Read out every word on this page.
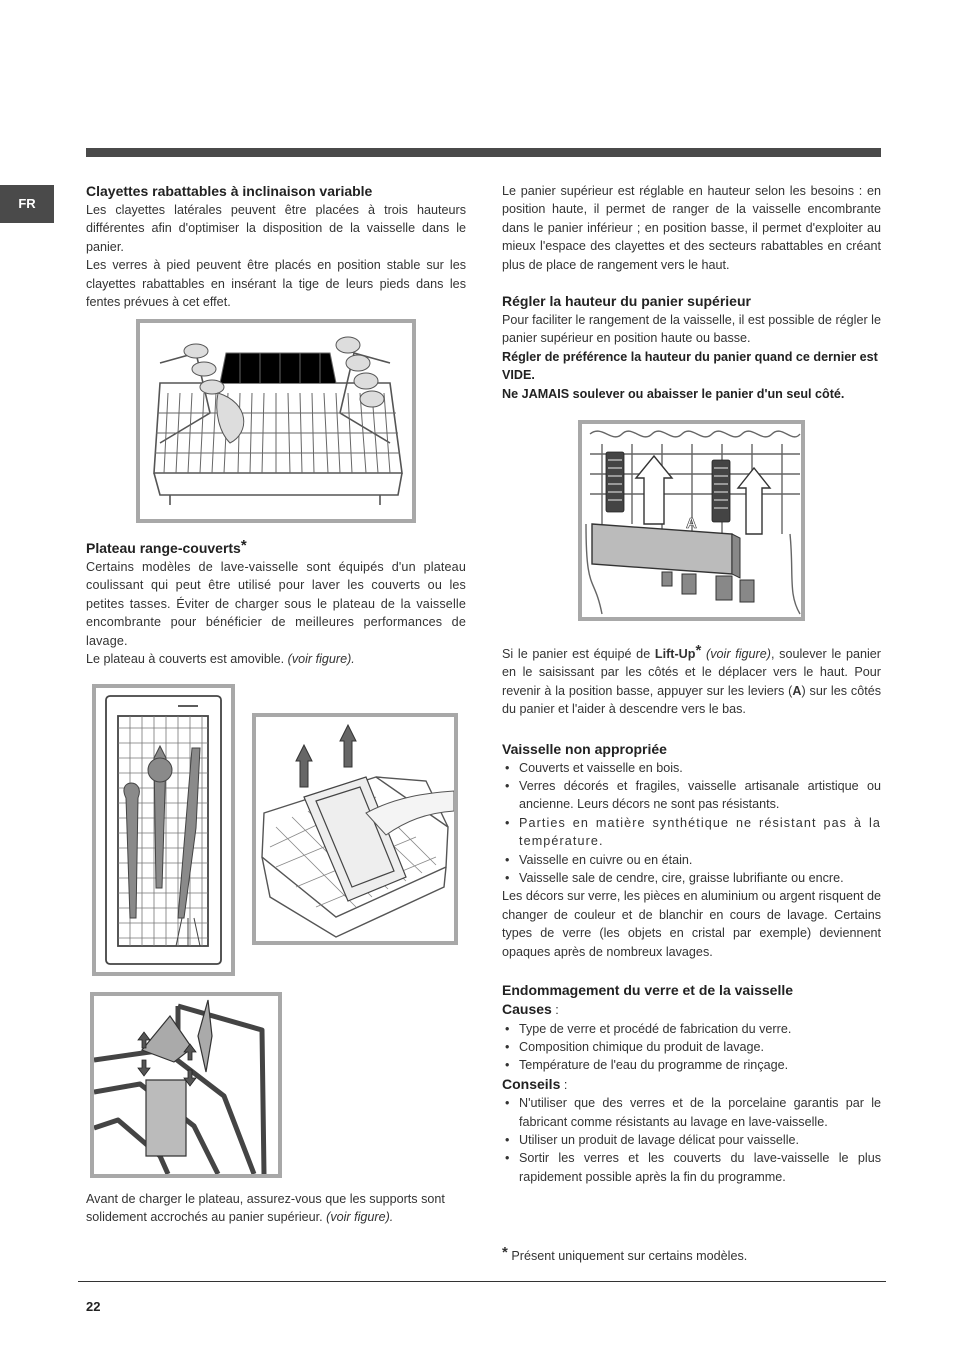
FR
Clayettes rabattables à inclinaison variable

Les clayettes latérales peuvent être placées à trois hauteurs différentes afin d'optimiser la disposition de la vaisselle dans le panier.

Les verres à pied peuvent être placés en position stable sur les clayettes rabattables en insérant la tige de leurs pieds dans les fentes prévues à cet effet.

Plateau range-couverts*

Certains modèles de lave-vaisselle sont équipés d'un plateau coulissant qui peut être utilisé pour laver les couverts ou les petites tasses. Éviter de charger sous le plateau de la vaisselle encombrante pour bénéficier de meilleures performances de lavage.

Le plateau à couverts est amovible. (voir figure).

Avant de charger le plateau, assurez-vous que les supports sont solidement accrochés au panier supérieur. (voir figure).

Le panier supérieur est réglable en hauteur selon les besoins : en position haute, il permet de ranger de la vaisselle encombrante dans le panier inférieur ; en position basse, il permet d'exploiter au mieux l'espace des clayettes et des secteurs rabattables en créant plus de place de rangement vers le haut.

Régler la hauteur du panier supérieur

Pour faciliter le rangement de la vaisselle, il est possible de régler le panier supérieur en position haute ou basse.

Régler de préférence la hauteur du panier quand ce dernier est VIDE.

Ne JAMAIS soulever ou abaisser le panier d'un seul côté.

A

Si le panier est équipé de Lift-Up* (voir figure), soulever le panier en le saisissant par les côtés et le déplacer vers le haut. Pour revenir à la position basse, appuyer sur les leviers (A) sur les côtés du panier et l'aider à descendre vers le bas.

Vaisselle non appropriée
• Couverts et vaisselle en bois.
• Verres décorés et fragiles, vaisselle artisanale artistique ou ancienne. Leurs décors ne sont pas résistants.
• Parties en matière synthétique ne résistant pas à la température.
• Vaisselle en cuivre ou en étain.
• Vaisselle sale de cendre, cire, graisse lubrifiante ou encre.

Les décors sur verre, les pièces en aluminium ou argent risquent de changer de couleur et de blanchir en cours de lavage. Certains types de verre (les objets en cristal par exemple) deviennent opaques après de nombreux lavages.

Endommagement du verre et de la vaisselle
Causes :
• Type de verre et procédé de fabrication du verre.
• Composition chimique du produit de lavage.
• Température de l'eau du programme de rinçage.
Conseils :
• N'utiliser que des verres et de la porcelaine garantis par le fabricant comme résistants au lavage en lave-vaisselle.
• Utiliser un produit de lavage délicat pour vaisselle.
• Sortir les verres et les couverts du lave-vaisselle le plus rapidement possible après la fin du programme.
* Présent uniquement sur certains modèles.
22
